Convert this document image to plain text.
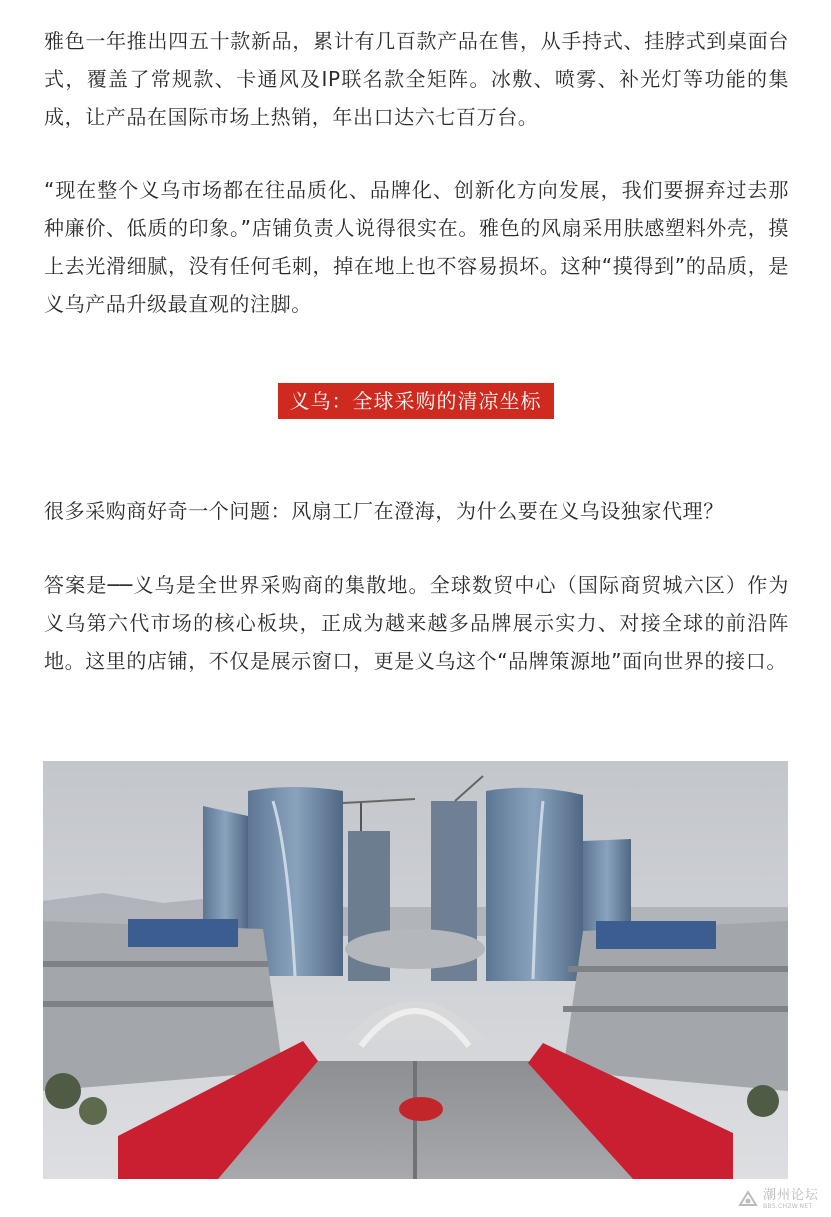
雅色一年推出四五十款新品，累计有几百款产品在售，从手持式、挂脖式到桌面台式，覆盖了常规款、卡通风及IP联名款全矩阵。冰敷、喷雾、补光灯等功能的集成，让产品在国际市场上热销，年出口达六七百万台。

“现在整个义乌市场都在往品质化、品牌化、创新化方向发展，我们要摒弃过去那种廉价、低质的印象。”店铺负责人说得很实在。雅色的风扇采用肤感塑料外壳，摸上去光滑细腻，没有任何毛刺，掉在地上也不容易损坏。这种“摸得到”的品质，是义乌产品升级最直观的注脚。

义乌：全球采购的清凉坐标

很多采购商好奇一个问题：风扇工厂在澄海，为什么要在义乌设独家代理？

答案是──义乌是全世界采购商的集散地。全球数贸中心（国际商贸城六区）作为义乌第六代市场的核心板块，正成为越来越多品牌展示实力、对接全球的前沿阵地。这里的店铺，不仅是展示窗口，更是义乌这个“品牌策源地”面向世界的接口。

潮州论坛
BBS.CHZW.NET
